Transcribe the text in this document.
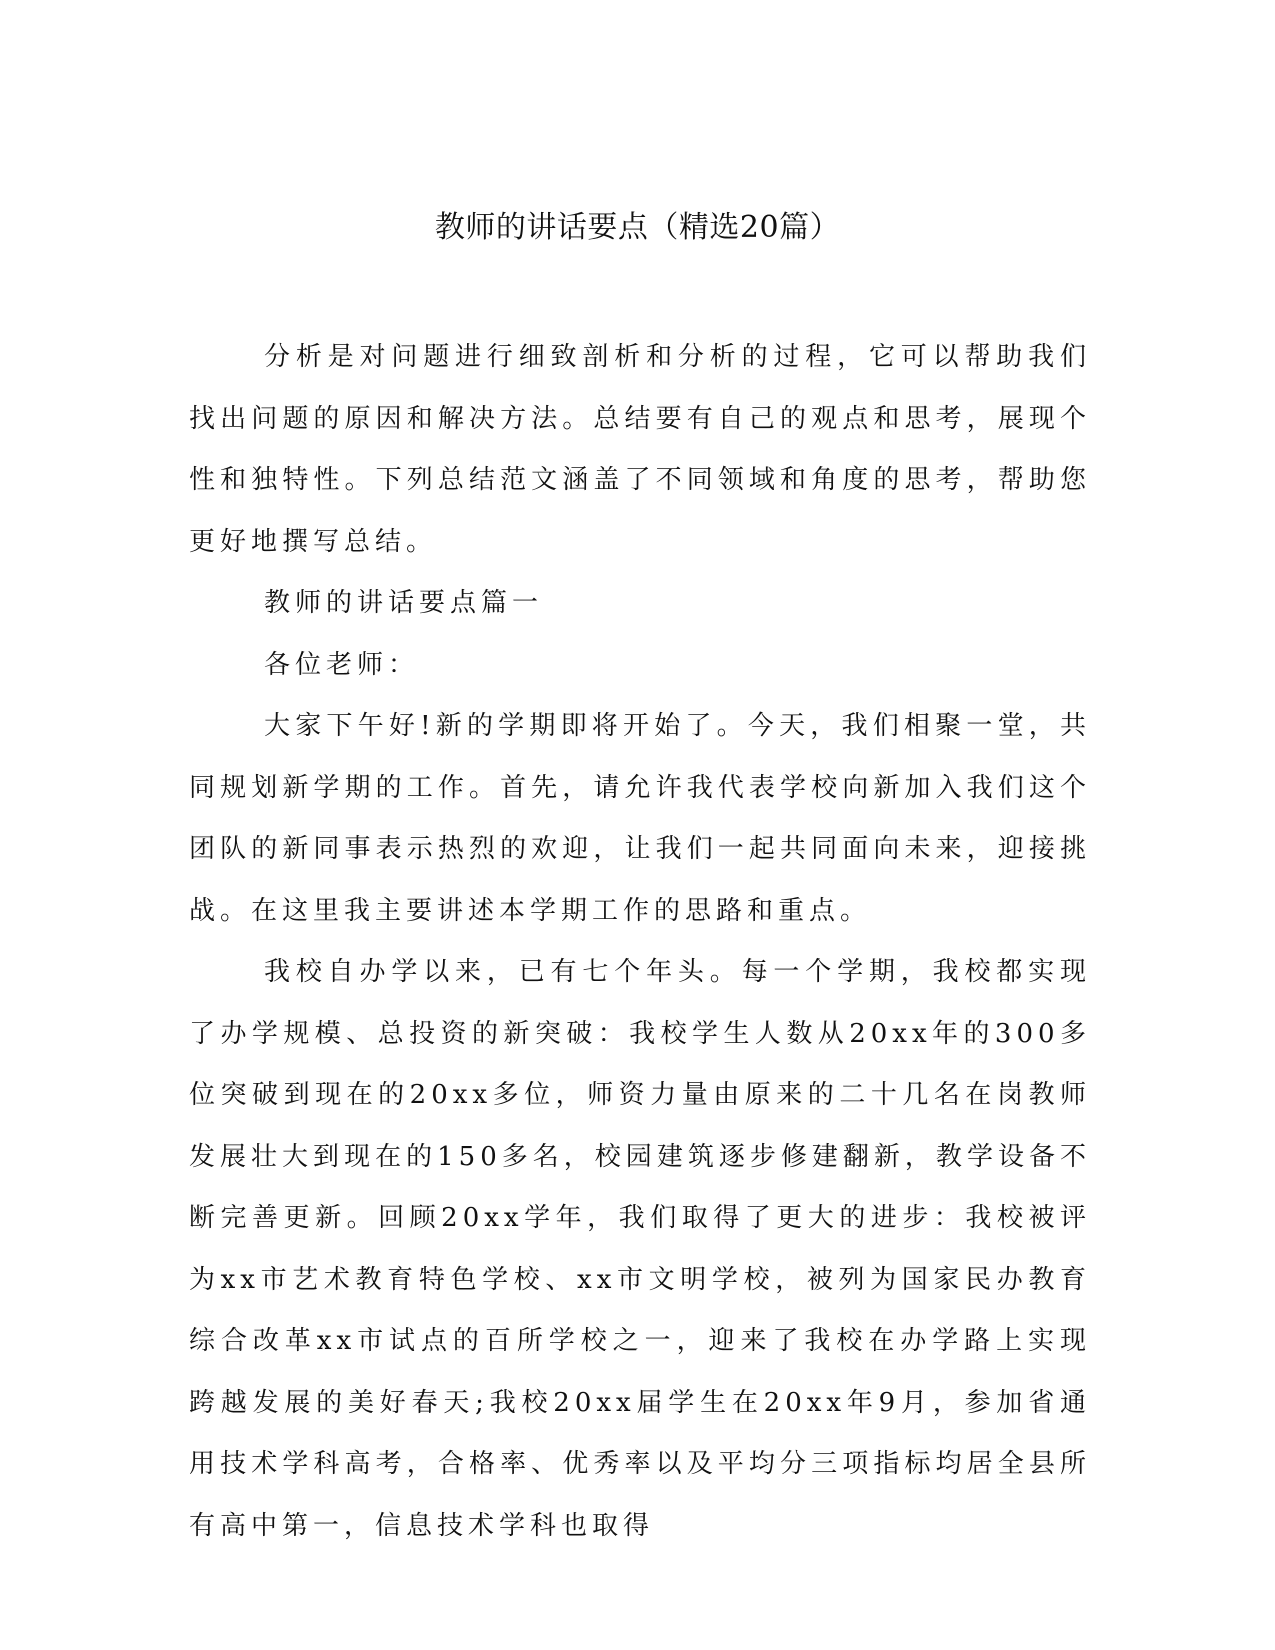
教师的讲话要点（精选20篇）

分析是对问题进行细致剖析和分析的过程，它可以帮助我们找出问题的原因和解决方法。总结要有自己的观点和思考，展现个性和独特性。下列总结范文涵盖了不同领域和角度的思考，帮助您更好地撰写总结。

教师的讲话要点篇一

各位老师：

大家下午好!新的学期即将开始了。今天，我们相聚一堂，共同规划新学期的工作。首先，请允许我代表学校向新加入我们这个团队的新同事表示热烈的欢迎，让我们一起共同面向未来，迎接挑战。在这里我主要讲述本学期工作的思路和重点。

我校自办学以来，已有七个年头。每一个学期，我校都实现了办学规模、总投资的新突破：我校学生人数从20xx年的300多位突破到现在的20xx多位，师资力量由原来的二十几名在岗教师发展壮大到现在的150多名，校园建筑逐步修建翻新，教学设备不断完善更新。回顾20xx学年，我们取得了更大的进步：我校被评为xx市艺术教育特色学校、xx市文明学校，被列为国家民办教育综合改革xx市试点的百所学校之一，迎来了我校在办学路上实现跨越发展的美好春天;我校20xx届学生在20xx年9月，参加省通用技术学科高考，合格率、优秀率以及平均分三项指标均居全县所有高中第一，信息技术学科也取得
